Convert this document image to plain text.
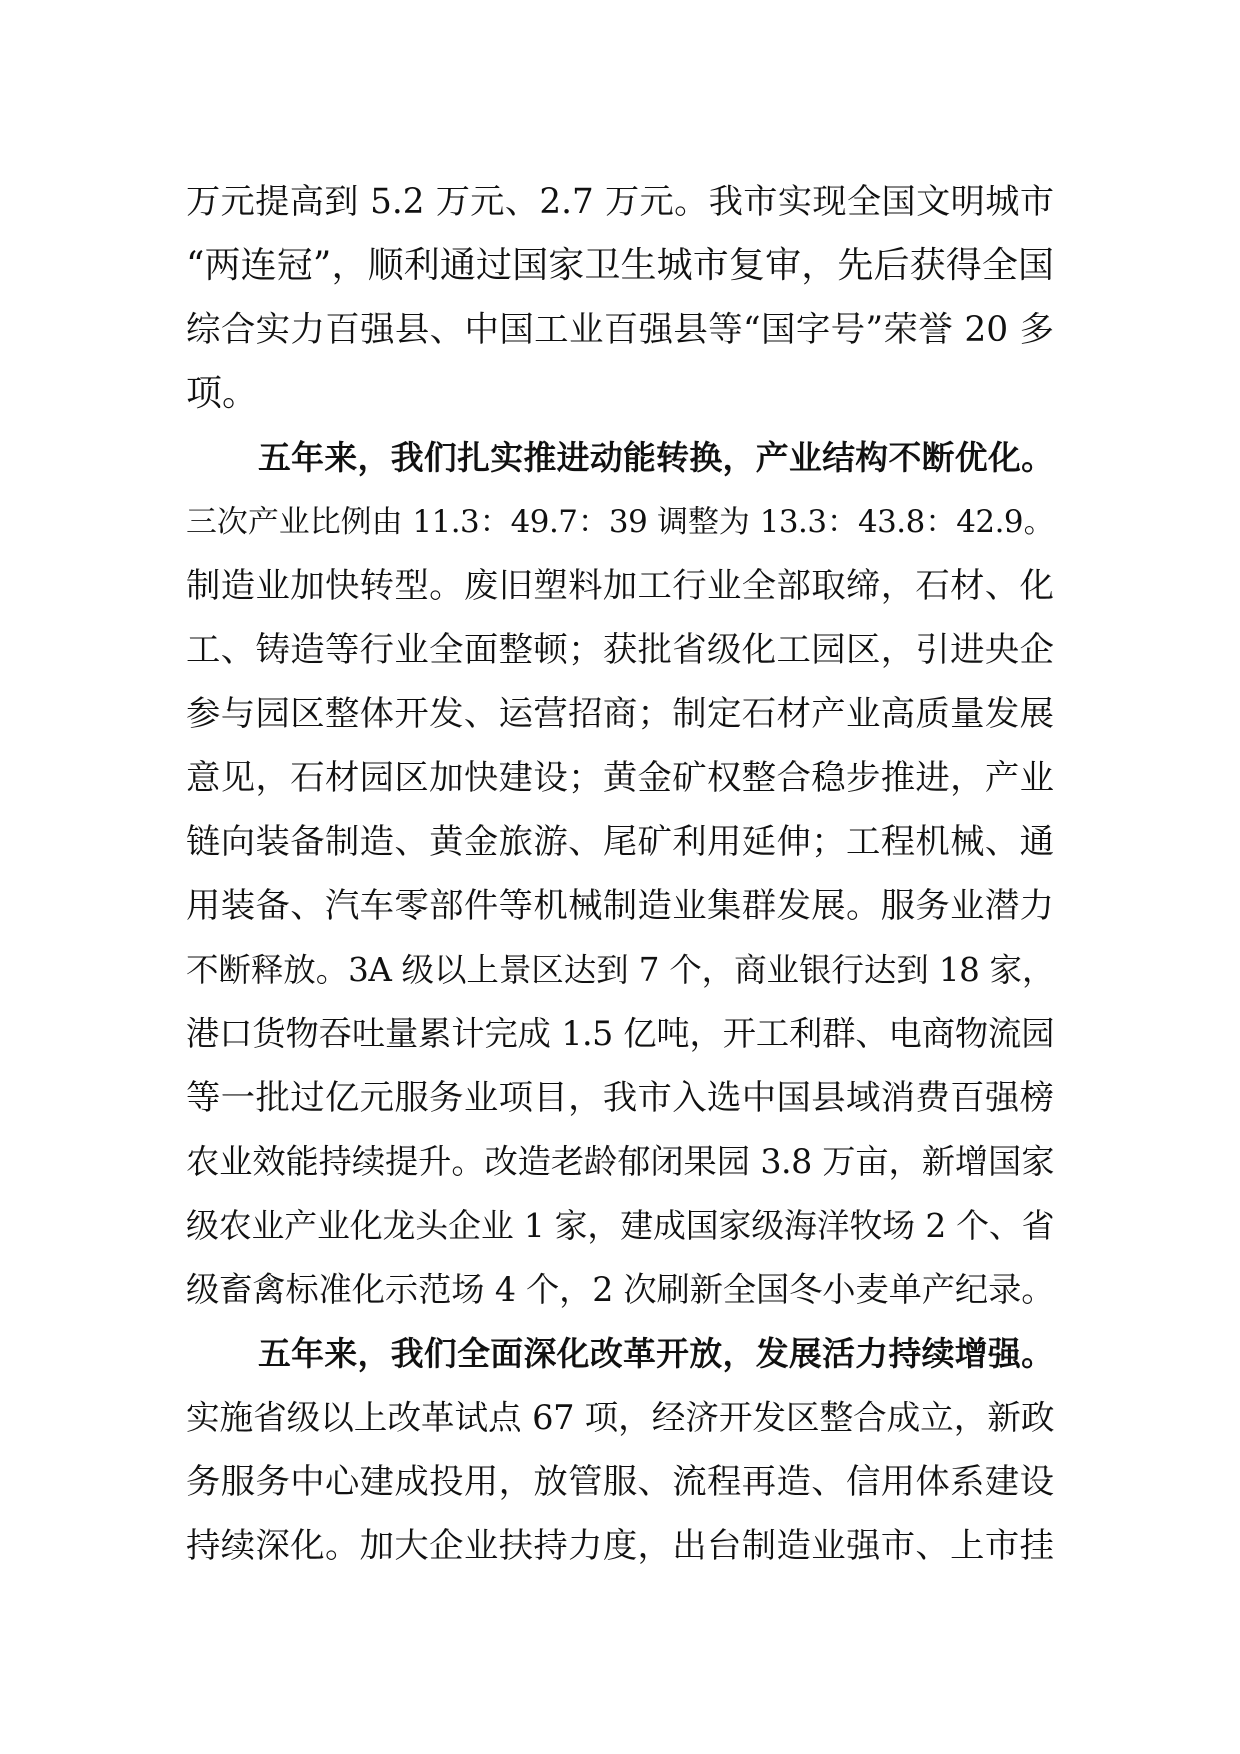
万元提高到 5.2 万元、2.7 万元。我市实现全国文明城市
“两连冠”，顺利通过国家卫生城市复审，先后获得全国
综合实力百强县、中国工业百强县等“国字号”荣誉 20 多
项。
五年来，我们扎实推进动能转换，产业结构不断优化。
三次产业比例由 11.3：49.7：39 调整为 13.3：43.8：42.9。
制造业加快转型。废旧塑料加工行业全部取缔，石材、化
工、铸造等行业全面整顿；获批省级化工园区，引进央企
参与园区整体开发、运营招商；制定石材产业高质量发展
意见，石材园区加快建设；黄金矿权整合稳步推进，产业
链向装备制造、黄金旅游、尾矿利用延伸；工程机械、通
用装备、汽车零部件等机械制造业集群发展。服务业潜力
不断释放。3A 级以上景区达到 7 个，商业银行达到 18 家，
港口货物吞吐量累计完成 1.5 亿吨，开工利群、电商物流园
等一批过亿元服务业项目，我市入选中国县域消费百强榜
农业效能持续提升。改造老龄郁闭果园 3.8 万亩，新增国家
级农业产业化龙头企业 1 家，建成国家级海洋牧场 2 个、省
级畜禽标准化示范场 4 个，2 次刷新全国冬小麦单产纪录。
五年来，我们全面深化改革开放，发展活力持续增强。
实施省级以上改革试点 67 项，经济开发区整合成立，新政
务服务中心建成投用，放管服、流程再造、信用体系建设
持续深化。加大企业扶持力度，出台制造业强市、上市挂
